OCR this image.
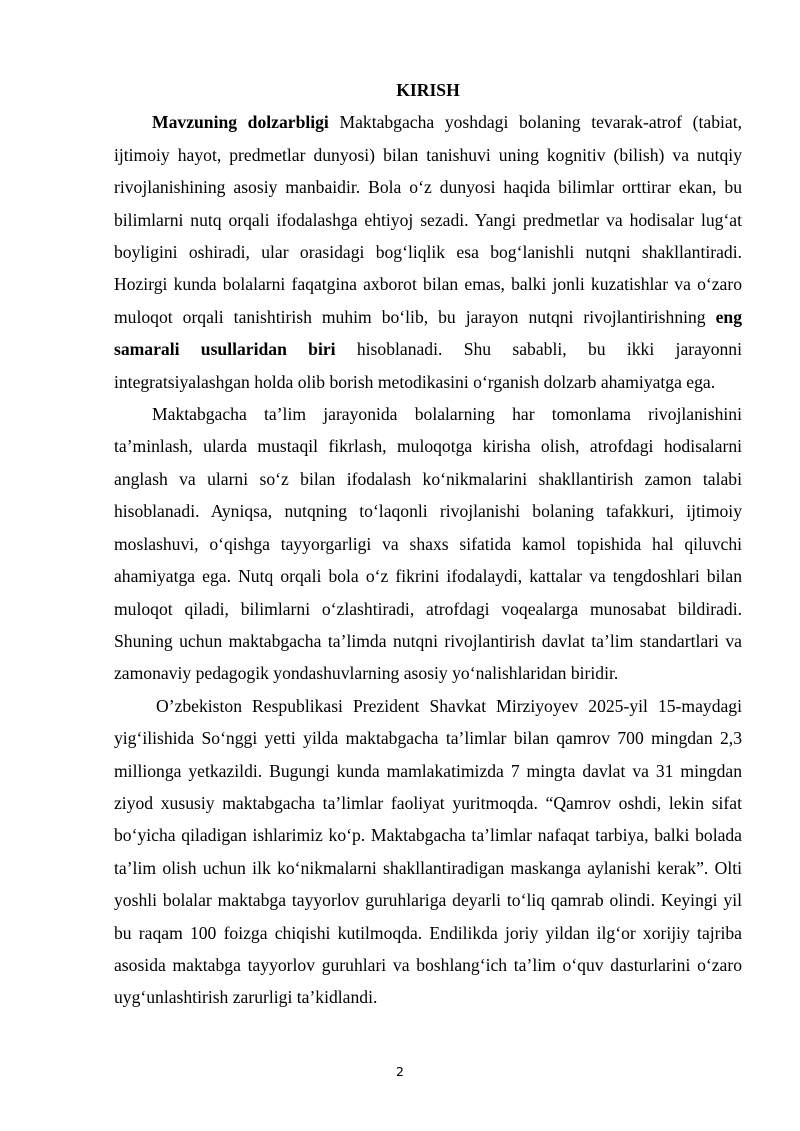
KIRISH

Mavzuning dolzarbligi Maktabgacha yoshdagi bolaning tevarak-atrof (tabiat, ijtimoiy hayot, predmetlar dunyosi) bilan tanishuvi uning kognitiv (bilish) va nutqiy rivojlanishining asosiy manbaidir. Bola o‘z dunyosi haqida bilimlar orttirar ekan, bu bilimlarni nutq orqali ifodalashga ehtiyoj sezadi. Yangi predmetlar va hodisalar lug‘at boyligini oshiradi, ular orasidagi bog‘liqlik esa bog‘lanishli nutqni shakllantiradi. Hozirgi kunda bolalarni faqatgina axborot bilan emas, balki jonli kuzatishlar va o‘zaro muloqot orqali tanishtirish muhim bo‘lib, bu jarayon nutqni rivojlantirishning eng samarali usullaridan biri hisoblanadi. Shu sababli, bu ikki jarayonni integratsiyalashgan holda olib borish metodikasini o‘rganish dolzarb ahamiyatga ega.

Maktabgacha ta’lim jarayonida bolalarning har tomonlama rivojlanishini ta’minlash, ularda mustaqil fikrlash, muloqotga kirisha olish, atrofdagi hodisalarni anglash va ularni so‘z bilan ifodalash ko‘nikmalarini shakllantirish zamon talabi hisoblanadi. Ayniqsa, nutqning to‘laqonli rivojlanishi bolaning tafakkuri, ijtimoiy moslashuvi, o‘qishga tayyorgarligi va shaxs sifatida kamol topishida hal qiluvchi ahamiyatga ega. Nutq orqali bola o‘z fikrini ifodalaydi, kattalar va tengdoshlari bilan muloqot qiladi, bilimlarni o‘zlashtiradi, atrofdagi voqealarga munosabat bildiradi. Shuning uchun maktabgacha ta’limda nutqni rivojlantirish davlat ta’lim standartlari va zamonaviy pedagogik yondashuvlarning asosiy yo‘nalishlaridan biridir.

O’zbekiston Respublikasi Prezident Shavkat Mirziyoyev 2025-yil 15-maydagi yig‘ilishida So‘nggi yetti yilda maktabgacha ta’limlar bilan qamrov 700 mingdan 2,3 millionga yetkazildi. Bugungi kunda mamlakatimizda 7 mingta davlat va 31 mingdan ziyod xususiy maktabgacha ta’limlar faoliyat yuritmoqda. “Qamrov oshdi, lekin sifat bo‘yicha qiladigan ishlarimiz ko‘p. Maktabgacha ta’limlar nafaqat tarbiya, balki bolada ta’lim olish uchun ilk ko‘nikmalarni shakllantiradigan maskanga aylanishi kerak”. Olti yoshli bolalar maktabga tayyorlov guruhlariga deyarli to‘liq qamrab olindi. Keyingi yil bu raqam 100 foizga chiqishi kutilmoqda. Endilikda joriy yildan ilg‘or xorijiy tajriba asosida maktabga tayyorlov guruhlari va boshlang‘ich ta’lim o‘quv dasturlarini o‘zaro uyg‘unlashtirish zarurligi ta’kidlandi.

2
